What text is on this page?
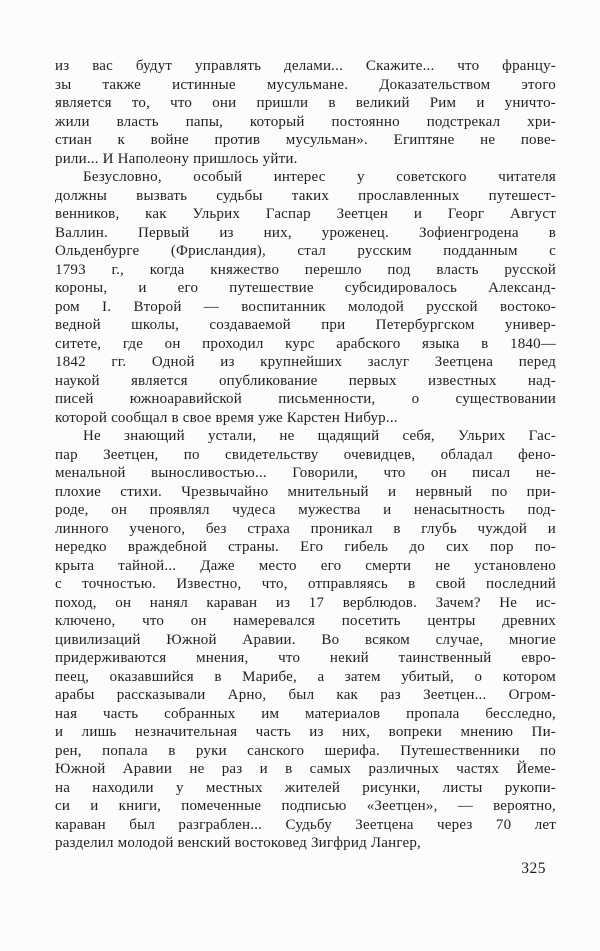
из вас будут управлять делами... Скажите... что францу-
зы также истинные мусульмане. Доказательством этого
является то, что они пришли в великий Рим и уничто-
жили власть папы, который постоянно подстрекал хри-
стиан к войне против мусульман». Египтяне не пове-
рили... И Наполеону пришлось уйти.
Безусловно, особый интерес у советского читателя
должны вызвать судьбы таких прославленных путешест-
венников, как Ульрих Гаспар Зеетцен и Георг Август
Валлин. Первый из них, уроженец. Зофиенгродена в
Ольденбурге (Фрисландия), стал русским подданным с
1793 г., когда княжество перешло под власть русской
короны, и его путешествие субсидировалось Александ-
ром I. Второй — воспитанник молодой русской востоко-
ведной школы, создаваемой при Петербургском универ-
ситете, где он проходил курс арабского языка в 1840—
1842 гг. Одной из крупнейших заслуг Зеетцена перед
наукой является опубликование первых известных над-
писей южноаравийской письменности, о существовании
которой сообщал в свое время уже Карстен Нибур...
Не знающий устали, не щадящий себя, Ульрих Гас-
пар Зеетцен, по свидетельству очевидцев, обладал фено-
менальной выносливостью... Говорили, что он писал не-
плохие стихи. Чрезвычайно мнительный и нервный по при-
роде, он проявлял чудеса мужества и ненасытность под-
линного ученого, без страха проникал в глубь чуждой и
нередко враждебной страны. Его гибель до сих пор по-
крыта тайной... Даже место его смерти не установлено
с точностью. Известно, что, отправляясь в свой последний
поход, он нанял караван из 17 верблюдов. Зачем? Не ис-
ключено, что он намеревался посетить центры древних
цивилизаций Южной Аравии. Во всяком случае, многие
придерживаются мнения, что некий таинственный евро-
пеец, оказавшийся в Марибе, а затем убитый, о котором
арабы рассказывали Арно, был как раз Зеетцен... Огром-
ная часть собранных им материалов пропала бесследно,
и лишь незначительная часть из них, вопреки мнению Пи-
рен, попала в руки санского шерифа. Путешественники по
Южной Аравии не раз и в самых различных частях Йеме-
на находили у местных жителей рисунки, листы рукопи-
си и книги, помеченные подписью «Зеетцен», — вероятно,
караван был разграблен... Судьбу Зеетцена через 70 лет
разделил молодой венский востоковед Зигфрид Лангер,
325
